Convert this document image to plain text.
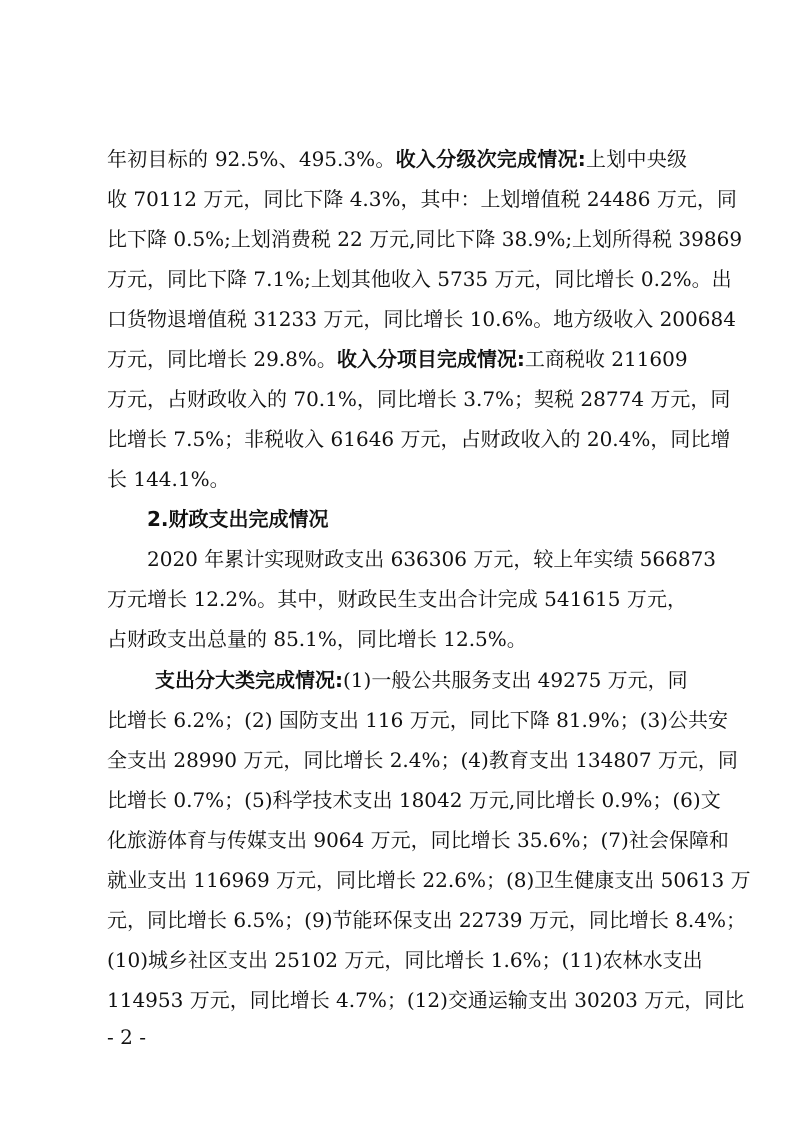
年初目标的 92.5%、495.3%。收入分级次完成情况:上划中央级
收 70112 万元，同比下降 4.3%，其中：上划增值税 24486 万元，同
比下降 0.5%;上划消费税 22 万元,同比下降 38.9%;上划所得税 39869
万元，同比下降 7.1%;上划其他收入 5735 万元，同比增长 0.2%。出
口货物退增值税 31233 万元，同比增长 10.6%。地方级收入 200684
万元，同比增长 29.8%。收入分项目完成情况:工商税收 211609
万元，占财政收入的 70.1%，同比增长 3.7%；契税 28774 万元，同
比增长 7.5%；非税收入 61646 万元，占财政收入的 20.4%，同比增
长 144.1%。
2.财政支出完成情况
2020 年累计实现财政支出 636306 万元，较上年实绩 566873
万元增长 12.2%。其中，财政民生支出合计完成 541615 万元，
占财政支出总量的 85.1%，同比增长 12.5%。
支出分大类完成情况:(1)一般公共服务支出 49275 万元，同
比增长 6.2%；(2) 国防支出 116 万元，同比下降 81.9%；(3)公共安
全支出 28990 万元，同比增长 2.4%；(4)教育支出 134807 万元，同
比增长 0.7%；(5)科学技术支出 18042 万元,同比增长 0.9%；(6)文
化旅游体育与传媒支出 9064 万元，同比增长 35.6%；(7)社会保障和
就业支出 116969 万元，同比增长 22.6%；(8)卫生健康支出 50613 万
元，同比增长 6.5%；(9)节能环保支出 22739 万元，同比增长 8.4%；
(10)城乡社区支出 25102 万元，同比增长 1.6%；(11)农林水支出
114953 万元，同比增长 4.7%；(12)交通运输支出 30203 万元，同比
- 2 -
